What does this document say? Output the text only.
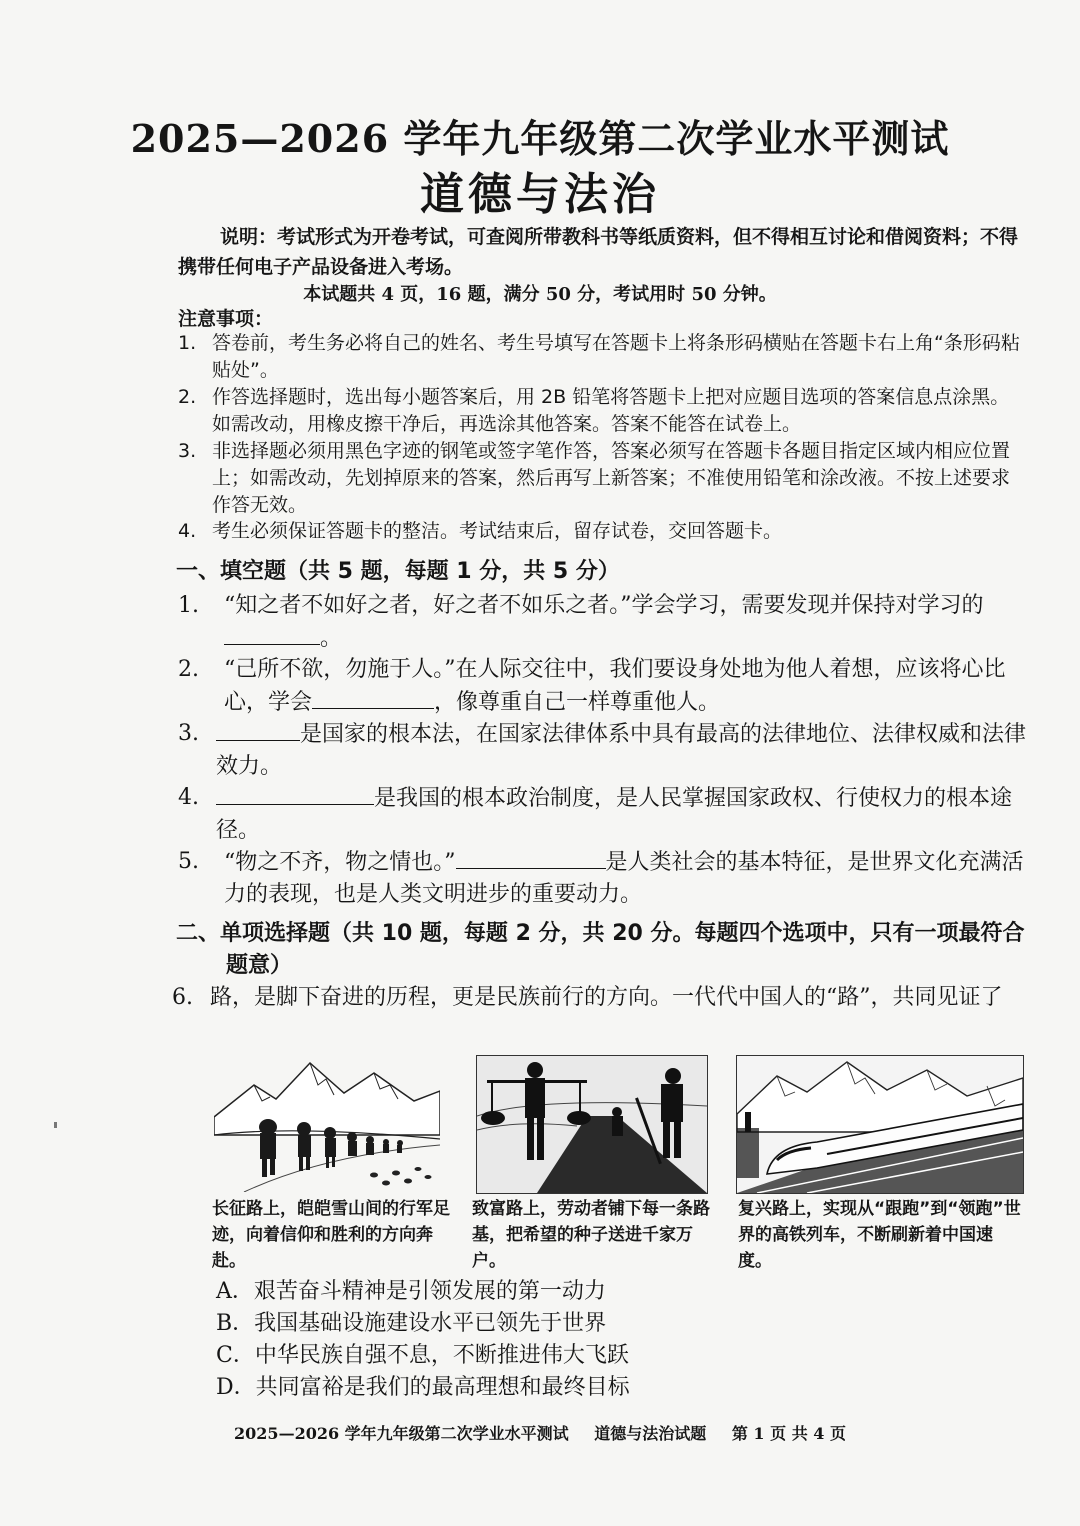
2025—2026 学年九年级第二次学业水平测试
道德与法治
说明：考试形式为开卷考试，可查阅所带教科书等纸质资料，但不得相互讨论和借阅资料；不得携带任何电子产品设备进入考场。
本试题共 4 页，16 题，满分 50 分，考试用时 50 分钟。
注意事项：
1. 答卷前，考生务必将自己的姓名、考生号填写在答题卡上将条形码横贴在答题卡右上角“条形码粘贴处”。
2. 作答选择题时，选出每小题答案后，用 2B 铅笔将答题卡上把对应题目选项的答案信息点涂黑。如需改动，用橡皮擦干净后，再选涂其他答案。答案不能答在试卷上。
3. 非选择题必须用黑色字迹的钢笔或签字笔作答，答案必须写在答题卡各题目指定区域内相应位置上；如需改动，先划掉原来的答案，然后再写上新答案；不准使用铅笔和涂改液。不按上述要求作答无效。
4. 考生必须保证答题卡的整洁。考试结束后，留存试卷，交回答题卡。
一、填空题（共 5 题，每题 1 分，共 5 分）
1. “知之者不如好之者，好之者不如乐之者。”学会学习，需要发现并保持对学习的。
2. “己所不欲，勿施于人。”在人际交往中，我们要设身处地为他人着想，应该将心比心，学会	，像尊重自己一样尊重他人。
3.	是国家的根本法，在国家法律体系中具有最高的法律地位、法律权威和法律效力。
4.	是我国的根本政治制度，是人民掌握国家政权、行使权力的根本途径。
5. “物之不齐，物之情也。”	是人类社会的基本特征，是世界文化充满活力的表现，也是人类文明进步的重要动力。
二、单项选择题（共 10 题，每题 2 分，共 20 分。每题四个选项中，只有一项最符合题意）
6. 路，是脚下奋进的历程，更是民族前行的方向。一代代中国人的“路”，共同见证了
长征路上，皑皑雪山间的行军足迹，向着信仰和胜利的方向奔赴。
致富路上，劳动者铺下每一条路基，把希望的种子送进千家万户。
复兴路上，实现从“跟跑”到“领跑”世界的高铁列车，不断刷新着中国速度。
A．艰苦奋斗精神是引领发展的第一动力
B．我国基础设施建设水平已领先于世界
C．中华民族自强不息，不断推进伟大飞跃
D．共同富裕是我们的最高理想和最终目标
2025—2026 学年九年级第二次学业水平测试 道德与法治试题 第 1 页 共 4 页
